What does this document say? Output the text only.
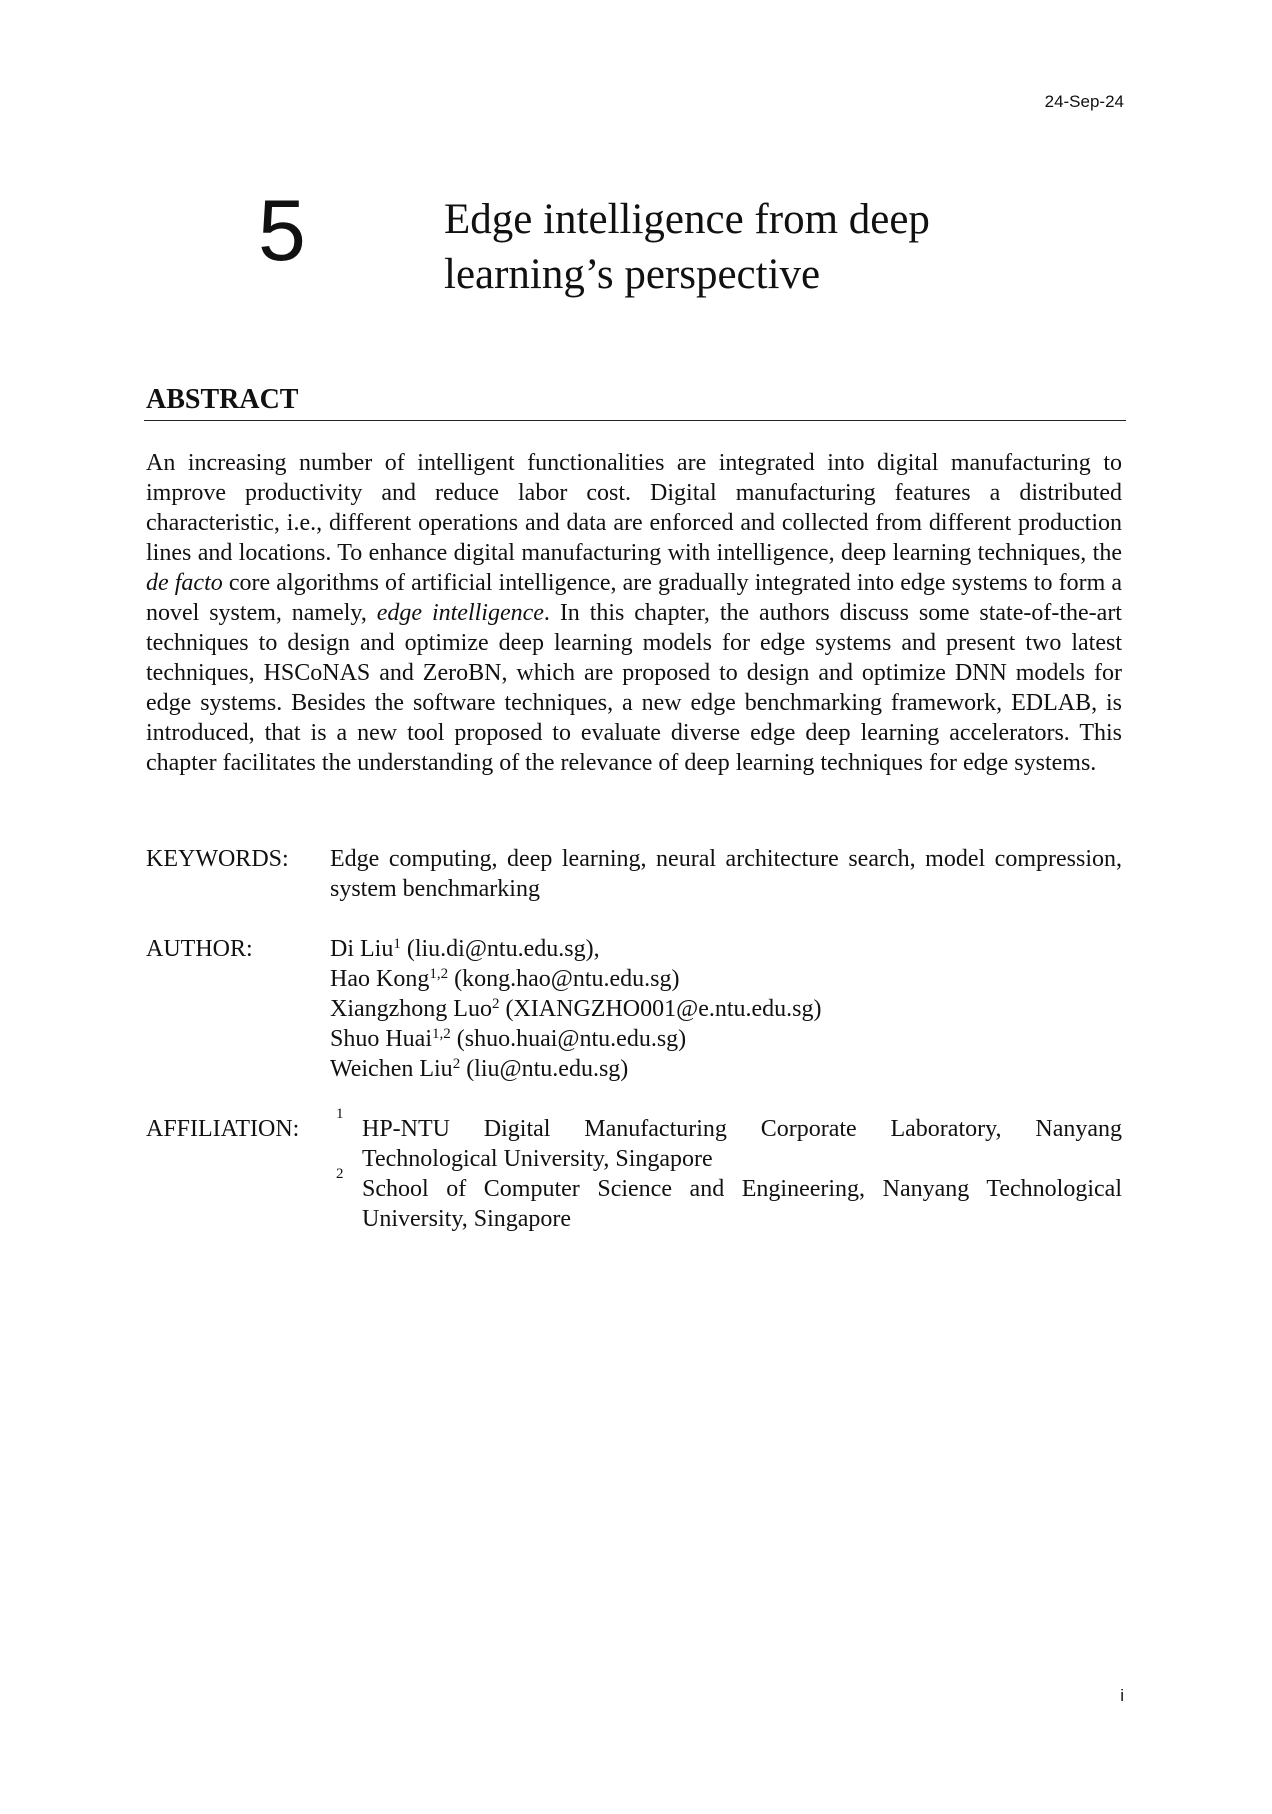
24-Sep-24
5	Edge intelligence from deep
learning’s perspective
ABSTRACT

An increasing number of intelligent functionalities are integrated into digital manufacturing to improve productivity and reduce labor cost. Digital manufacturing features a distributed characteristic, i.e., different operations and data are enforced and collected from different production lines and locations. To enhance digital manufacturing with intelligence, deep learning techniques, the de facto core algorithms of artificial intelligence, are gradually integrated into edge systems to form a novel system, namely, edge intelligence. In this chapter, the authors discuss some state-of-the-art techniques to design and optimize deep learning models for edge systems and present two latest techniques, HSCoNAS and ZeroBN, which are proposed to design and optimize DNN models for edge systems. Besides the software techniques, a new edge benchmarking framework, EDLAB, is introduced, that is a new tool proposed to evaluate diverse edge deep learning accelerators. This chapter facilitates the understanding of the relevance of deep learning techniques for edge systems.

KEYWORDS: Edge computing, deep learning, neural architecture search, model compression, system benchmarking
AUTHOR:	Di Liu$^1$ (liu.di@ntu.edu.sg),
Hao Kong$^{1,2}$ (kong.hao@ntu.edu.sg)
Xiangzhong Luo$^2$ (XIANGZHO001@e.ntu.edu.sg)
Shuo Huai$^{1,2}$ (shuo.huai@ntu.edu.sg)
Weichen Liu$^2$ (liu@ntu.edu.sg)
AFFILIATION:
1
HP-NTU Digital Manufacturing Corporate Laboratory, Nanyang Technological University, Singapore
2
School of Computer Science and Engineering, Nanyang Technological University, Singapore
i
